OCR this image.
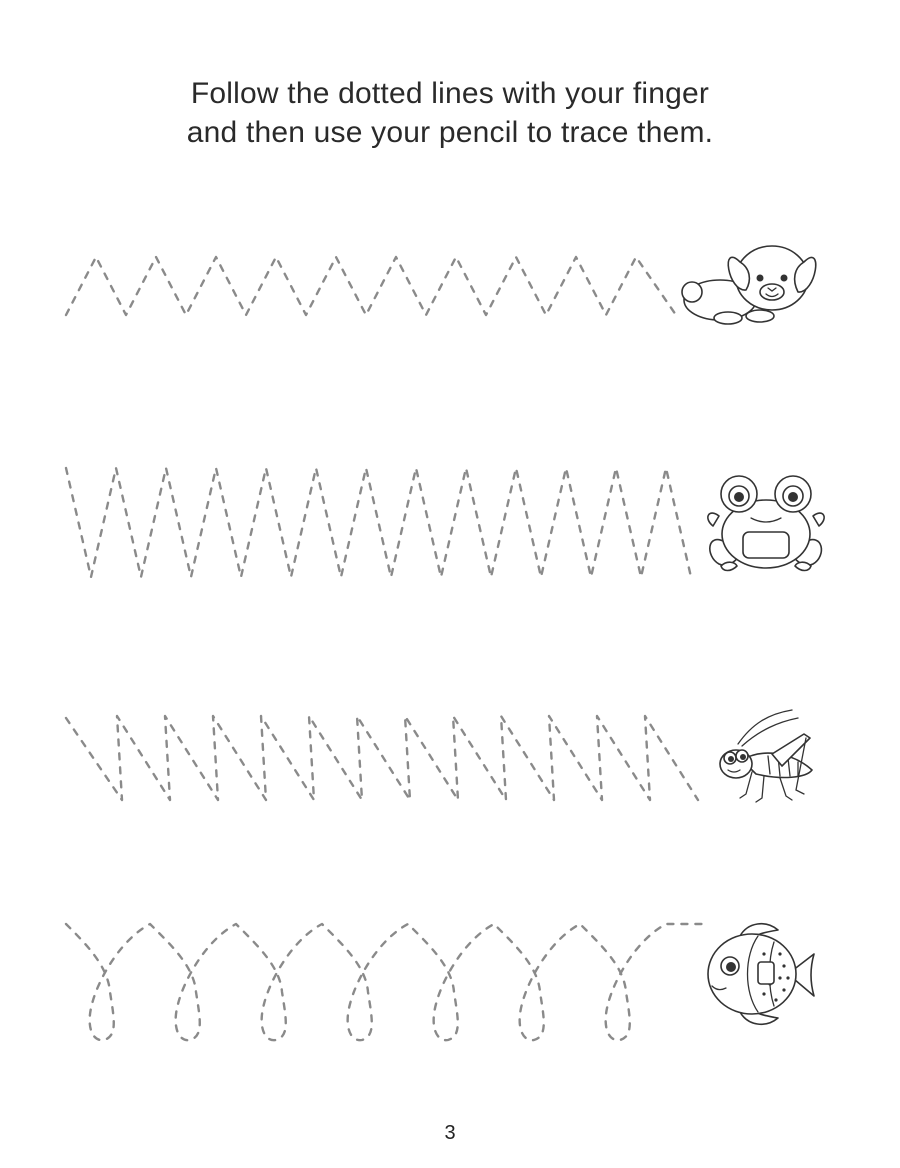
Follow the dotted lines with your finger
and then use your pencil to trace them.
3
